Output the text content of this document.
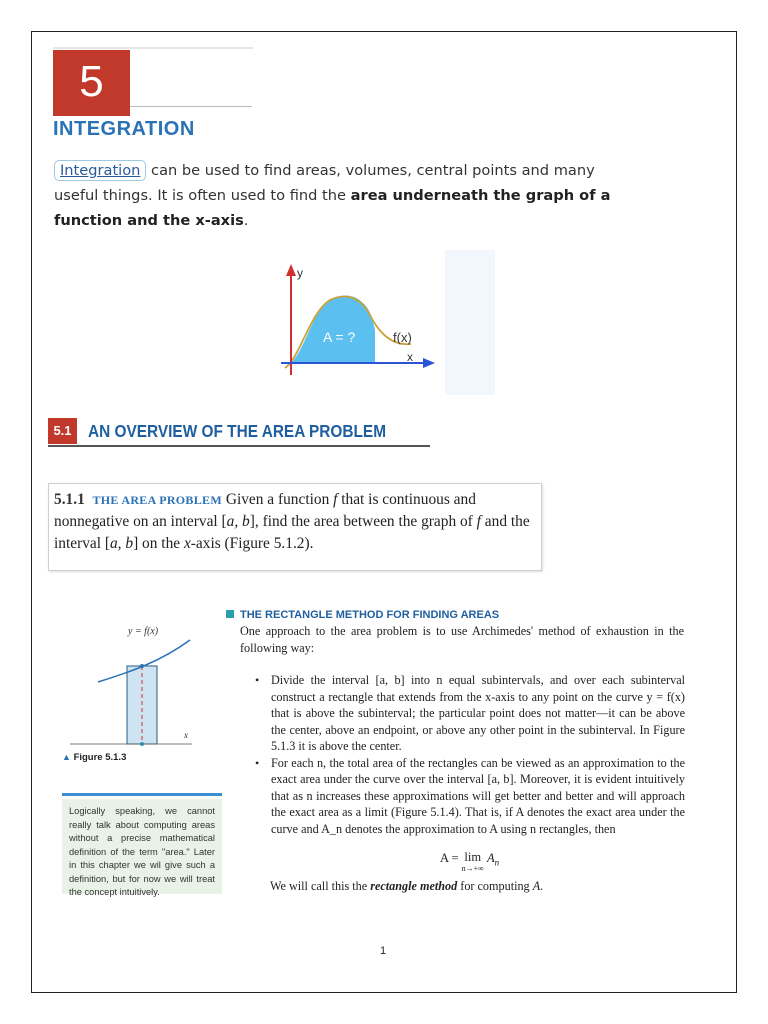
5
INTEGRATION
Integration can be used to find areas, volumes, central points and many useful things. It is often used to find the area underneath the graph of a function and the x-axis.
y
x
A = ?	f(x)
5.1 AN OVERVIEW OF THE AREA PROBLEM
5.1.1 THE AREA PROBLEM Given a function f that is continuous and nonnegative on an interval [a, b], find the area between the graph of f and the interval [a, b] on the x-axis (Figure 5.1.2).
y = f(x)
x
▲ Figure 5.1.3
Logically speaking, we cannot really talk about computing areas without a precise mathematical definition of the term "area." Later in this chapter we wil give such a definition, but for now we will treat the concept intuitively.
THE RECTANGLE METHOD FOR FINDING AREAS
One approach to the area problem is to use Archimedes' method of exhaustion in the following way:
• Divide the interval [a, b] into n equal subintervals, and over each subinterval construct a rectangle that extends from the x-axis to any point on the curve y = f(x) that is above the subinterval; the particular point does not matter—it can be above the center, above an endpoint, or above any other point in the subinterval. In Figure 5.1.3 it is above the center.
• For each n, the total area of the rectangles can be viewed as an approximation to the exact area under the curve over the interval [a, b]. Moreover, it is evident intuitively that as n increases these approximations will get better and better and will approach the exact area as a limit (Figure 5.1.4). That is, if A denotes the exact area under the curve and A_n denotes the approximation to A using n rectangles, then
A = lim
n→+∞
$A_n$
We will call this the rectangle method for computing A.
1
